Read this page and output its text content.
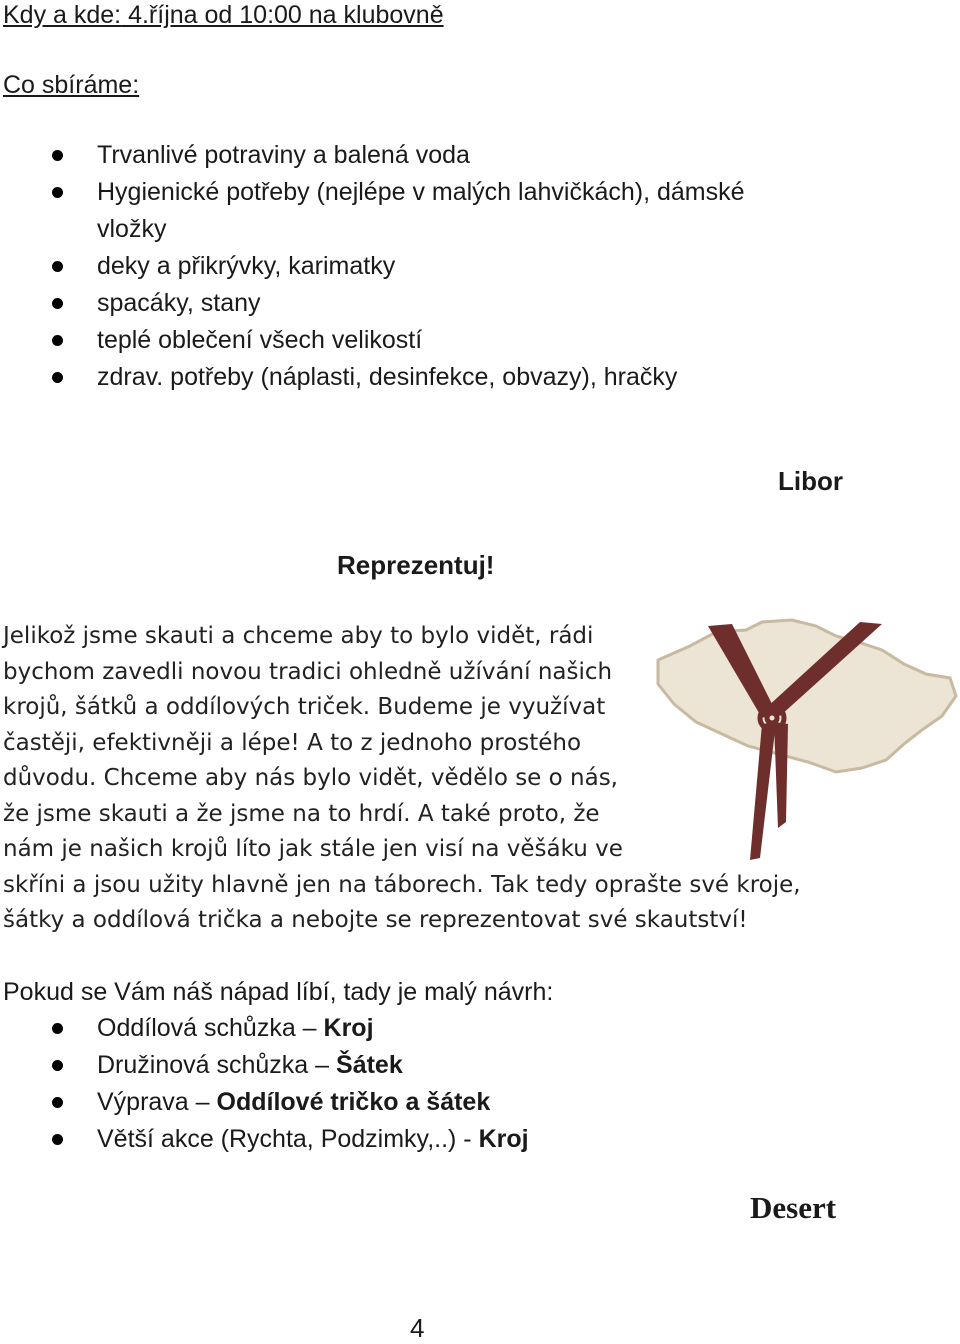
Kdy a kde: 4.října od 10:00 na klubovně
Co sbíráme:
Trvanlivé potraviny a balená voda
Hygienické potřeby (nejlépe v malých lahvičkách), dámské
vložky
deky a přikrývky, karimatky
spacáky, stany
teplé oblečení všech velikostí
zdrav. potřeby (náplasti, desinfekce, obvazy), hračky
Libor
Reprezentuj!
Jelikož jsme skauti a chceme aby to bylo vidět, rádi
bychom zavedli novou tradici ohledně užívání našich
krojů, šátků a oddílových triček. Budeme je využívat
častěji, efektivněji a lépe! A to z jednoho prostého
důvodu. Chceme aby nás bylo vidět, vědělo se o nás,
že jsme skauti a že jsme na to hrdí. A také proto, že
nám je našich krojů líto jak stále jen visí na věšáku ve
skříni a jsou užity hlavně jen na táborech. Tak tedy oprašte své kroje,
šátky a oddílová trička a nebojte se reprezentovat své skautství!
Pokud se Vám náš nápad líbí, tady je malý návrh:
Oddílová schůzka – Kroj
Družinová schůzka – Šátek
Výprava – Oddílové tričko a šátek
Větší akce (Rychta, Podzimky,..) - Kroj
Desert
4
